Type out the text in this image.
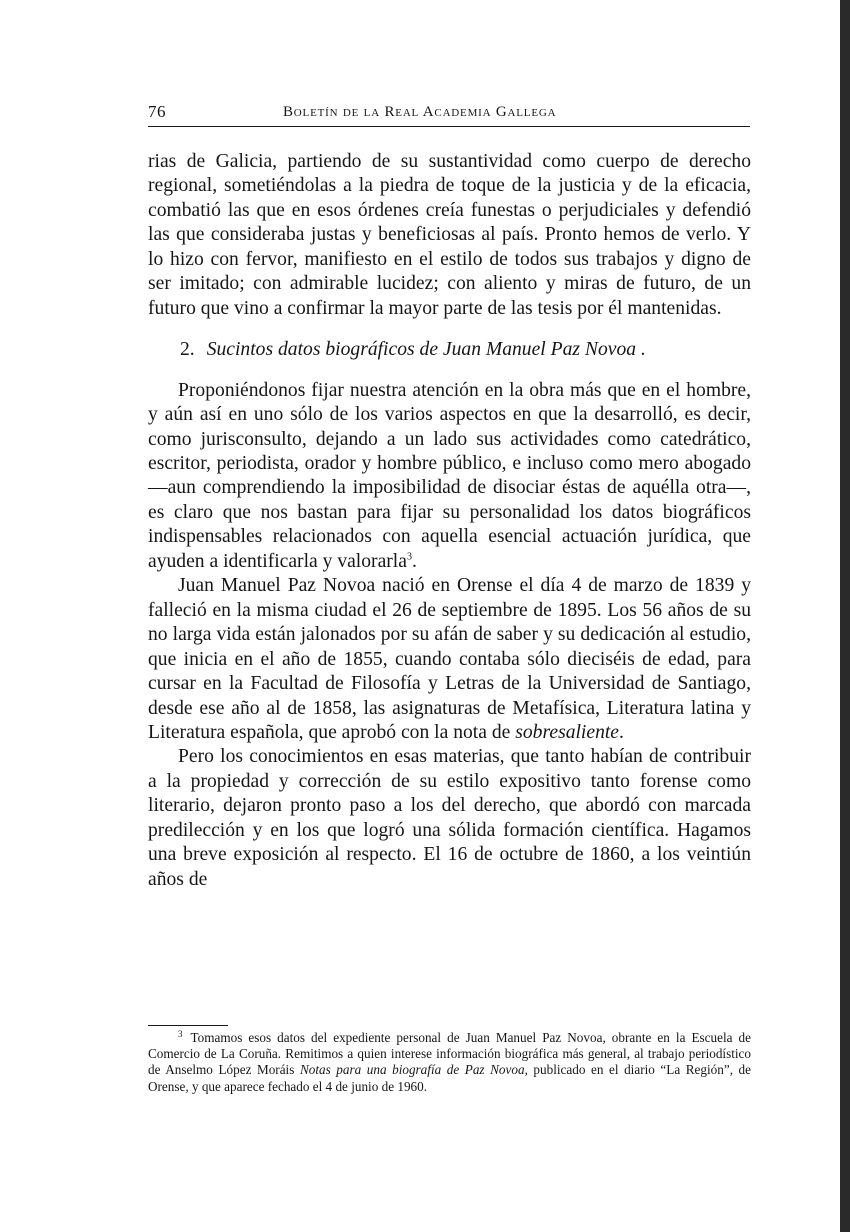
76	Boletín de la Real Academia Gallega

rias de Galicia, partiendo de su sustantividad como cuerpo de derecho regional, sometiéndolas a la piedra de toque de la justicia y de la eficacia, combatió las que en esos órdenes creía funestas o perjudiciales y defendió las que consideraba justas y beneficiosas al país. Pronto hemos de verlo. Y lo hizo con fervor, manifiesto en el estilo de todos sus trabajos y digno de ser imitado; con admirable lucidez; con aliento y miras de futuro, de un futuro que vino a confirmar la mayor parte de las tesis por él mantenidas.

2. Sucintos datos biográficos de Juan Manuel Paz Novoa .

Proponiéndonos fijar nuestra atención en la obra más que en el hombre, y aún así en uno sólo de los varios aspectos en que la desarrolló, es decir, como jurisconsulto, dejando a un lado sus actividades como catedrático, escritor, periodista, orador y hombre público, e incluso como mero abogado —aun comprendiendo la imposibilidad de disociar éstas de aquélla otra—, es claro que nos bastan para fijar su personalidad los datos biográficos indispensables relacionados con aquella esencial actuación jurídica, que ayuden a identificarla y valorarla$^3$.

Juan Manuel Paz Novoa nació en Orense el día 4 de marzo de 1839 y falleció en la misma ciudad el 26 de septiembre de 1895. Los 56 años de su no larga vida están jalonados por su afán de saber y su dedicación al estudio, que inicia en el año de 1855, cuando contaba sólo dieciséis de edad, para cursar en la Facultad de Filosofía y Letras de la Universidad de Santiago, desde ese año al de 1858, las asignaturas de Metafísica, Literatura latina y Literatura española, que aprobó con la nota de sobresaliente.

Pero los conocimientos en esas materias, que tanto habían de contribuir a la propiedad y corrección de su estilo expositivo tanto forense como literario, dejaron pronto paso a los del derecho, que abordó con marcada predilección y en los que logró una sólida formación científica. Hagamos una breve exposición al respecto. El 16 de octubre de 1860, a los veintiún años de

$^3$ Tomamos esos datos del expediente personal de Juan Manuel Paz Novoa, obrante en la Escuela de Comercio de La Coruña. Remitimos a quien interese información biográfica más general, al trabajo periodístico de Anselmo López Moráis Notas para una biografía de Paz Novoa, publicado en el diario “La Región”, de Orense, y que aparece fechado el 4 de junio de 1960.
